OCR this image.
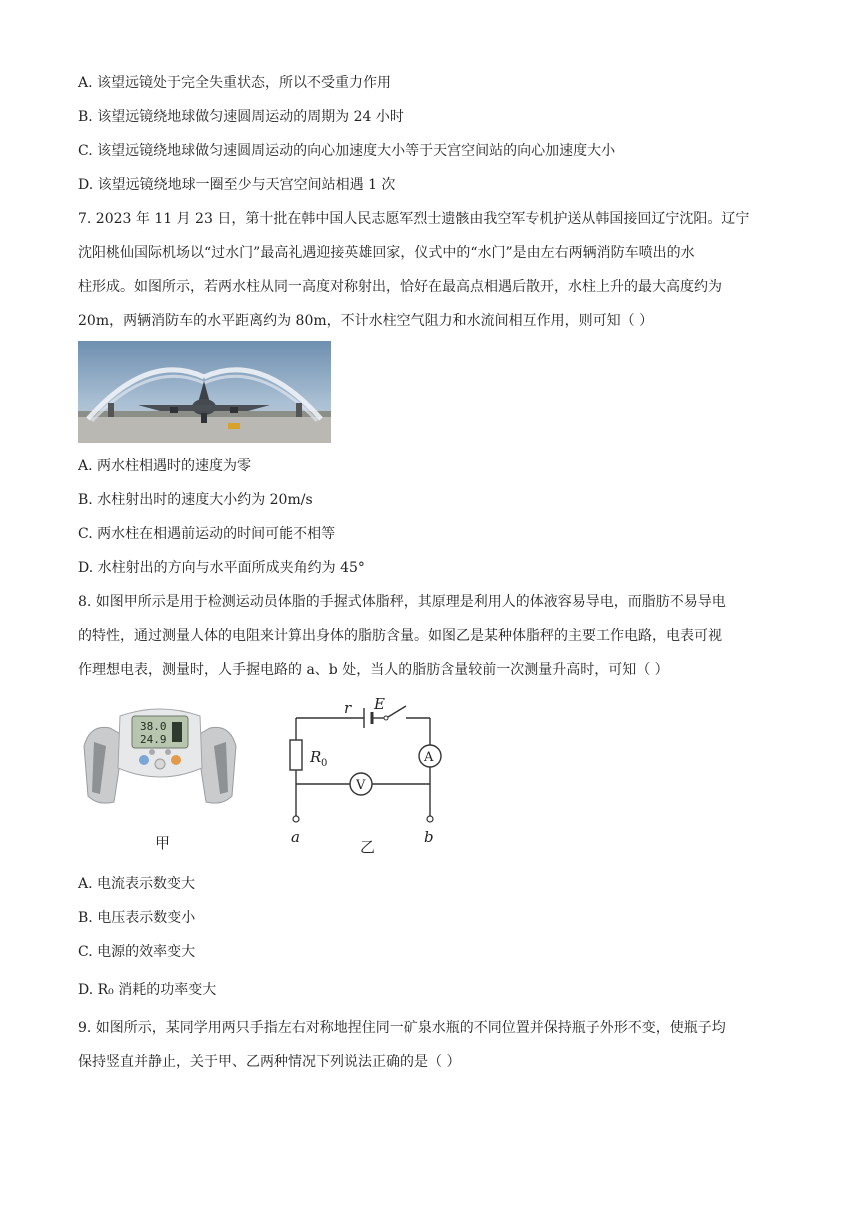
A. 该望远镜处于完全失重状态，所以不受重力作用
B. 该望远镜绕地球做匀速圆周运动的周期为 24 小时
C. 该望远镜绕地球做匀速圆周运动的向心加速度大小等于天宫空间站的向心加速度大小
D. 该望远镜绕地球一圈至少与天宫空间站相遇 1 次
7. 2023 年 11 月 23 日，第十批在韩中国人民志愿军烈士遗骸由我空军专机护送从韩国接回辽宁沈阳。辽宁
沈阳桃仙国际机场以“过水门”最高礼遇迎接英雄回家，仪式中的“水门”是由左右两辆消防车喷出的水
柱形成。如图所示，若两水柱从同一高度对称射出，恰好在最高点相遇后散开，水柱上升的最大高度约为
20m，两辆消防车的水平距离约为 80m，不计水柱空气阻力和水流间相互作用，则可知（ ）
A. 两水柱相遇时的速度为零
B. 水柱射出时的速度大小约为 20m/s
C. 两水柱在相遇前运动的时间可能不相等
D. 水柱射出的方向与水平面所成夹角约为 45°
8. 如图甲所示是用于检测运动员体脂的手握式体脂秤，其原理是利用人的体液容易导电，而脂肪不易导电
的特性，通过测量人体的电阻来计算出身体的脂肪含量。如图乙是某种体脂秤的主要工作电路，电表可视
作理想电表，测量时，人手握电路的 a、b 处，当人的脂肪含量较前一次测量升高时，可知（ ）
38.0
24.9
甲
r E
R 0	A
V
a	b
乙
A. 电流表示数变大
B. 电压表示数变小
C. 电源的效率变大
D. R₀ 消耗的功率变大
9. 如图所示，某同学用两只手指左右对称地捏住同一矿泉水瓶的不同位置并保持瓶子外形不变，使瓶子均
保持竖直并静止，关于甲、乙两种情况下列说法正确的是（ ）
